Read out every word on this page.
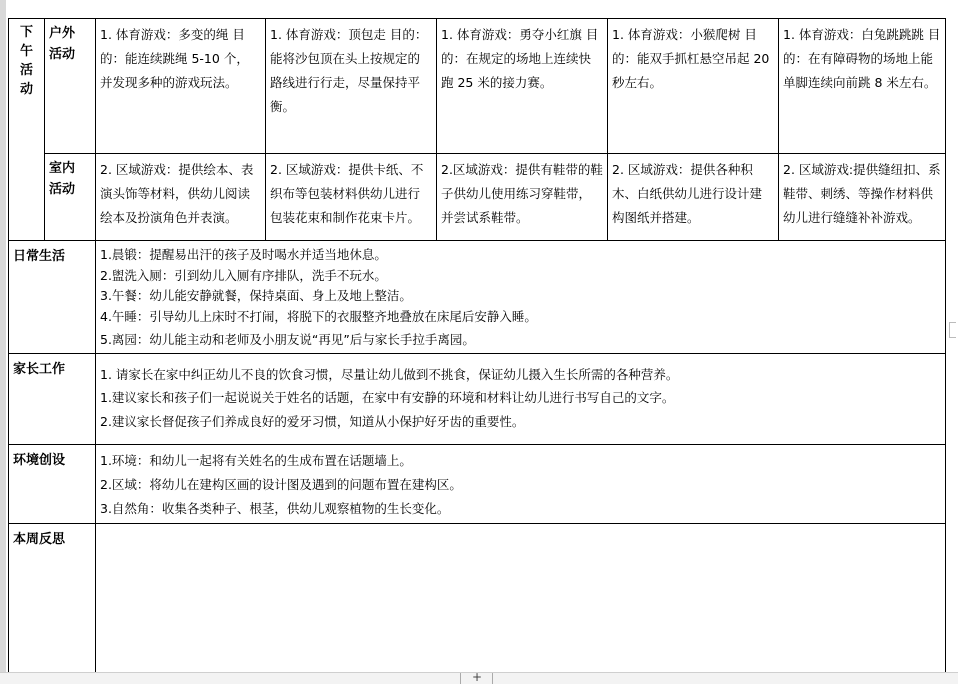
下午活动	户外活动	1. 体育游戏：多变的绳 目的：能连续跳绳 5-10 个，并发现多种的游戏玩法。	1. 体育游戏：顶包走 目的：能将沙包顶在头上按规定的路线进行行走，尽量保持平衡。	1. 体育游戏：勇夺小红旗 目的：在规定的场地上连续快跑 25 米的接力赛。	1. 体育游戏：小猴爬树 目的：能双手抓杠悬空吊起 20 秒左右。	1. 体育游戏：白兔跳跳跳 目的：在有障碍物的场地上能单脚连续向前跳 8 米左右。
	室内活动	2. 区域游戏：提供绘本、表演头饰等材料，供幼儿阅读绘本及扮演角色并表演。	2. 区域游戏：提供卡纸、不织布等包装材料供幼儿进行包装花束和制作花束卡片。	2.区域游戏：提供有鞋带的鞋子供幼儿使用练习穿鞋带，并尝试系鞋带。	2. 区域游戏：提供各种积木、白纸供幼儿进行设计建构图纸并搭建。	2. 区域游戏:提供缝纽扣、系鞋带、刺绣、等操作材料供幼儿进行缝缝补补游戏。
日常生活		1.晨锻：提醒易出汗的孩子及时喝水并适当地休息。
2.盥洗入厕：引到幼儿入厕有序排队，洗手不玩水。
3.午餐：幼儿能安静就餐，保持桌面、身上及地上整洁。
4.午睡：引导幼儿上床时不打闹，将脱下的衣服整齐地叠放在床尾后安静入睡。
5.离园：幼儿能主动和老师及小朋友说“再见”后与家长手拉手离园。				

家长工作		1. 请家长在家中纠正幼儿不良的饮食习惯，尽量让幼儿做到不挑食，保证幼儿摄入生长所需的各种营养。
1.建议家长和孩子们一起说说关于姓名的话题，在家中有安静的环境和材料让幼儿进行书写自己的文字。
2.建议家长督促孩子们养成良好的爱牙习惯，知道从小保护好牙齿的重要性。				

环境创设		1.环境：和幼儿一起将有关姓名的生成布置在话题墙上。
2.区域：将幼儿在建构区画的设计图及遇到的问题布置在建构区。
3.自然角：收集各类种子、根茎，供幼儿观察植物的生长变化。				

本周反思						
+
